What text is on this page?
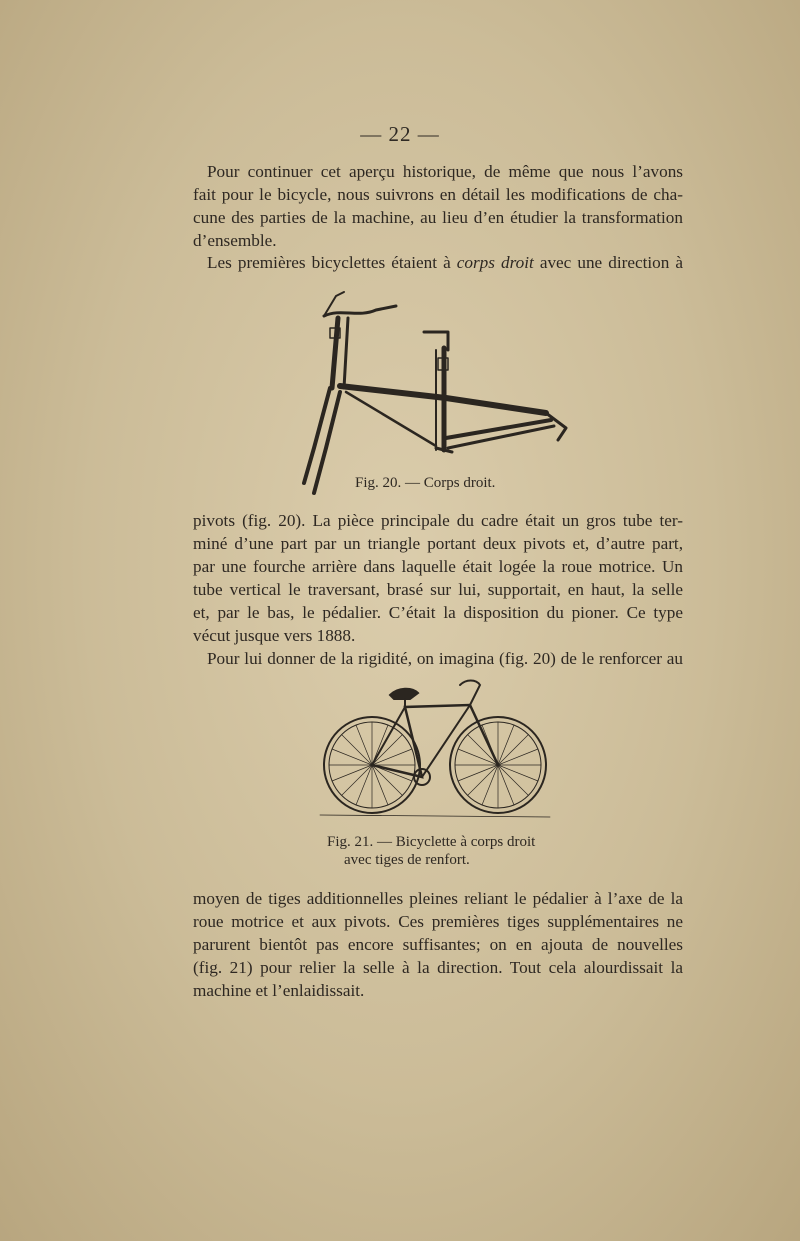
— 22 —

Pour continuer cet aperçu historique, de même que nous l’avons
fait pour le bicycle, nous suivrons en détail les modifications de cha-
cune des parties de la machine, au lieu d’en étudier la transformation
d’ensemble.

Les premières bicyclettes étaient à corps droit avec une direction à

Fig. 20. — Corps droit.

pivots (fig. 20). La pièce principale du cadre était un gros tube ter-
miné d’une part par un triangle portant deux pivots et, d’autre part,
par une fourche arrière dans laquelle était logée la roue motrice. Un
tube vertical le traversant, brasé sur lui, supportait, en haut, la selle
et, par le bas, le pédalier. C’était la disposition du pioner. Ce type
vécut jusque vers 1888.

Pour lui donner de la rigidité, on imagina (fig. 20) de le renforcer au

Fig. 21. — Bicyclette à corps droit
avec tiges de renfort.

moyen de tiges additionnelles pleines reliant le pédalier à l’axe de la
roue motrice et aux pivots. Ces premières tiges supplémentaires ne
parurent bientôt pas encore suffisantes; on en ajouta de nouvelles
(fig. 21) pour relier la selle à la direction. Tout cela alourdissait la
machine et l’enlaidissait.
